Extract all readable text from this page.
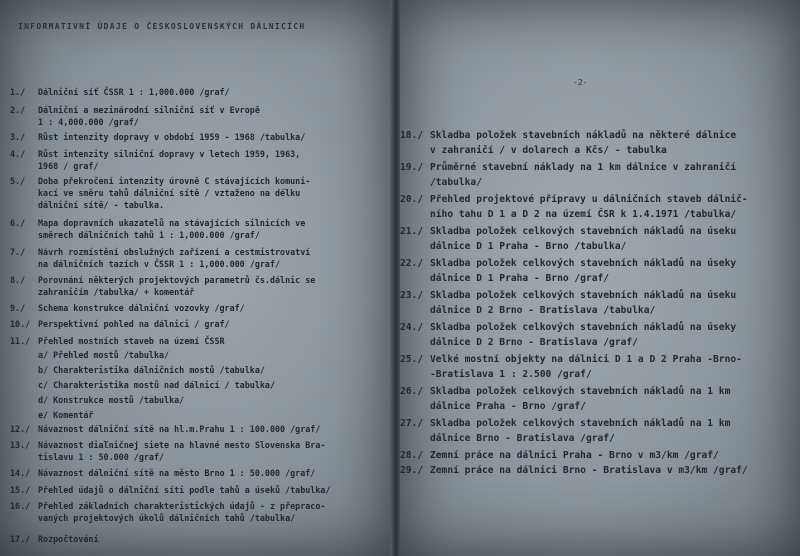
INFORMATIVNÍ ÚDAJE O ČESKOSLOVENSKÝCH DÁLNICÍCH
1./ Dálniční síť ČSSR 1 : 1,000.000 /graf/
2./ Dálniční a mezinárodní silniční síť v Evropě
1 : 4,000.000 /graf/
3./ Růst intenzity dopravy v období 1959 - 1968 /tabulka/
4./ Růst intenzity silniční dopravy v letech 1959, 1963,
1968 / graf/
5./ Doba překročení intenzity úrovně C stávajících komuni-
kací ve směru tahů dálniční sítě / vztaženo na délku
dálniční sítě/ - tabulka.
6./ Mapa dopravních ukazatelů na stávajících silnicích ve
směrech dálničních tahů 1 : 1,000.000 /graf/
7./ Návrh rozmístění obslužných zařízení a cestmistrovatví
na dálničních tazích v ČSSR 1 : 1,000.000 /graf/
8./ Porovnání některých projektových parametrů čs.dálnic se
zahraničím /tabulka/ + komentář
9./ Schema konstrukce dálniční vozovky /graf/
10./ Perspektivní pohled na dálnici / graf/
11./ Přehled mostních staveb na území ČSSR
12./ Návaznost dálniční sítě na hl.m.Prahu 1 : 100.000 /graf/
13./ Návaznost diaľničnej siete na hlavné mesto Slovenska Bra-
tislavu 1 : 50.000 /graf/
14./ Návaznost dálniční sítě na město Brno 1 : 50.000 /graf/
15./ Přehled údajů o dálniční síti podle tahů a úseků /tabulka/
16./ Přehled základních charakteristických údajů - z přepraco-
vaných projektových úkolů dálničních tahů /tabulka/
17./ Rozpočtování
a/ Přehled mostů /tabulka/
b/ Charakteristika dálničních mostů /tabulka/
c/ Charakteristika mostů nad dálnicí / tabulka/
d/ Konstrukce mostů /tabulka/
e/ Komentář
-2-
18./ Skladba položek stavebních nákladů na některé dálnice
v zahraničí / v dolarech a Kčs/ - tabulka
19./ Průměrné stavební náklady na 1 km dálnice v zahraničí
/tabulka/
20./ Přehled projektové přípravy u dálničních staveb dálnič-
ního tahu D 1 a D 2 na území ČSR k 1.4.1971 /tabulka/
21./ Skladba položek celkových stavebních nákladů na úseku
dálnice D 1 Praha - Brno /tabulka/
22./ Skladba položek celkových stavebních nákladů na úseky
dálnice D 1 Praha - Brno /graf/
23./ Skladba položek celkových stavebních nákladů na úseku
dálnice D 2 Brno - Bratislava /tabulka/
24./ Skladba položek celkových stavebních nákladů na úseky
dálnice D 2 Brno - Bratislava /graf/
25./ Velké mostní objekty na dálnici D 1 a D 2 Praha -Brno-
-Bratislava 1 : 2.500 /graf/
26./ Skladba položek celkových stavebních nákladů na 1 km
dálnice Praha - Brno /graf/
27./ Skladba položek celkových stavebních nákladů na 1 km
dálnice Brno - Bratislava /graf/
28./ Zemní práce na dálnici Praha - Brno v m3/km /graf/
29./ Zemní práce na dálnici Brno - Bratislava v m3/km /graf/
